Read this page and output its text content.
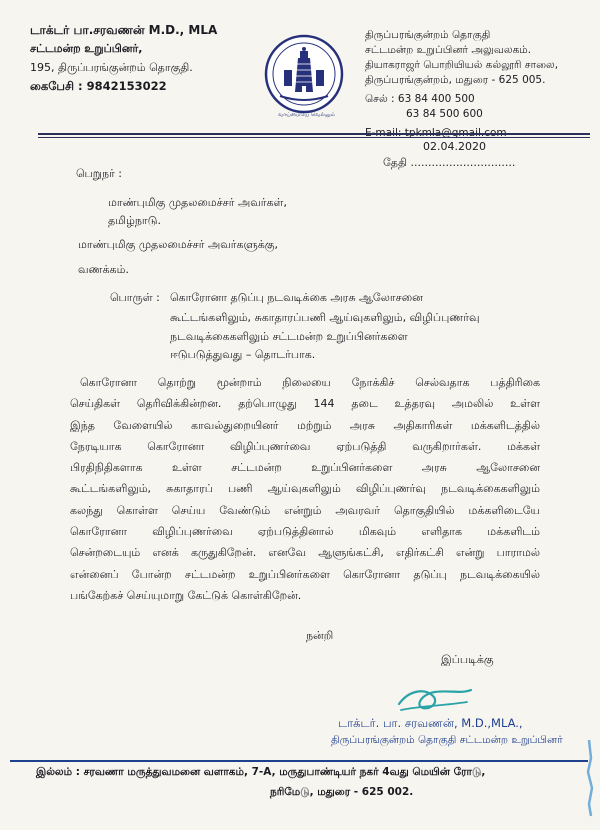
டாக்டர் பா.சரவணன் M.D., MLA
சட்டமன்ற உறுப்பினர்,
195, திருப்பரங்குன்றம் தொகுதி.
கைபேசி : 9842153022
வாய்மையே வெல்லும்
திருப்பரங்குன்றம் தொகுதி
சட்டமன்ற உறுப்பினர் அலுவலகம்.
தியாகராஜர் பொறியியல் கல்லூரி சாலை,
திருப்பரங்குன்றம், மதுரை - 625 005.
செல் : 63 84 400 500
63 84 500 600
02.04.2020
தேதி ..............................
பெறுநர் :
மாண்புமிகு முதலமைச்சர் அவர்கள்,
தமிழ்நாடு.
மாண்புமிகு முதலமைச்சர் அவர்களுக்கு,
வணக்கம்.
பொருள் : கொரோனா தடுப்பு நடவடிக்கை அரசு ஆலோசனை
கூட்டங்களிலும், சுகாதாரப்பணி ஆய்வுகளிலும், விழிப்புணர்வு
நடவடிக்கைகளிலும் சட்டமன்ற உறுப்பினர்களை
ஈடுபடுத்துவது – தொடர்பாக.
கொரோனா தொற்று மூன்றாம் நிலையை நோக்கிச் செல்வதாக பத்திரிகை
செய்திகள் தெரிவிக்கின்றன. தற்பொழுது 144 தடை உத்தரவு அமலில் உள்ள
இந்த வேளையில் காவல்துறையினர் மற்றும் அரசு அதிகாரிகள் மக்களிடத்தில்
நேரடியாக கொரோனா விழிப்புணர்வை ஏற்படுத்தி வருகிறார்கள். மக்கள்
பிரதிநிதிகளாக உள்ள சட்டமன்ற உறுப்பினர்களை அரசு ஆலோசனை
கூட்டங்களிலும், சுகாதாரப் பணி ஆய்வுகளிலும் விழிப்புணர்வு நடவடிக்கைகளிலும்
கலந்து கொள்ள செய்ய வேண்டும் என்றும் அவரவர் தொகுதியில் மக்களிடையே
கொரோனா விழிப்புணர்வை ஏற்படுத்தினால் மிகவும் எளிதாக மக்களிடம்
சென்றடையும் எனக் கருதுகிறேன். எனவே ஆளுங்கட்சி, எதிர்கட்சி என்று பாராமல்
என்னைப் போன்ற சட்டமன்ற உறுப்பினர்களை கொரோனா தடுப்பு நடவடிக்கையில்
பங்கேற்கச் செய்யுமாறு கேட்டுக் கொள்கிறேன்.
நன்றி
இப்படிக்கு
டாக்டர். பா. சரவணன், M.D.,MLA.,
திருப்பரங்குன்றம் தொகுதி சட்டமன்ற உறுப்பினர்
இல்லம் : சரவணா மருத்துவமனை வளாகம், 7-A, மருதுபாண்டியர் நகர் 4வது மெயின் ரோடு,
நரிமேடு, மதுரை - 625 002.
